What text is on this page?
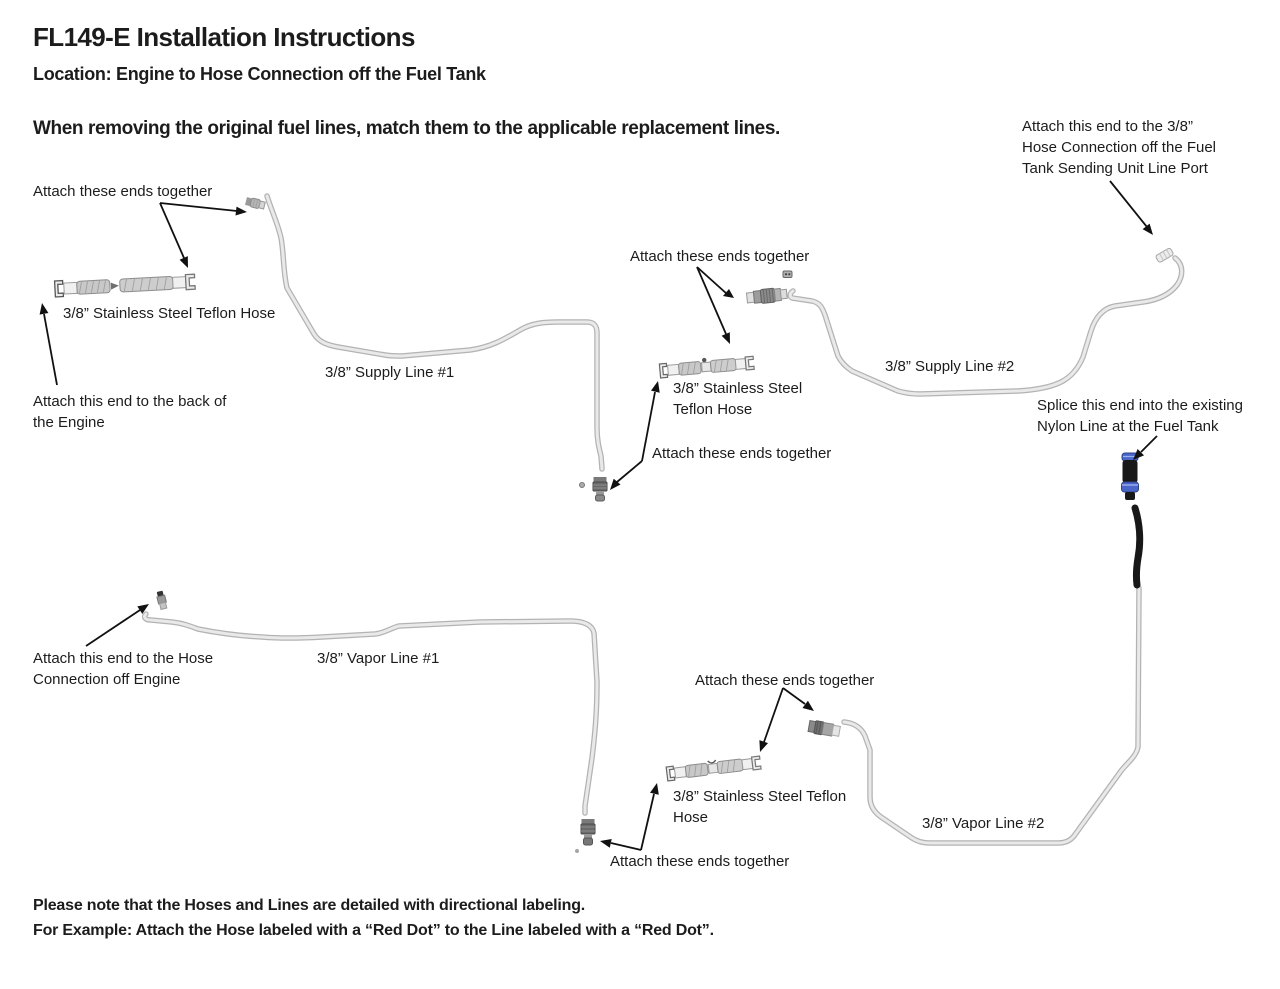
FL149-E Installation Instructions
Location: Engine to Hose Connection off the Fuel Tank
When removing the original fuel lines, match them to the applicable replacement lines.
Attach these ends together
3/8” Stainless Steel Teflon Hose
Attach this end to the back of
the Engine
3/8” Supply Line #1
Attach these ends together
3/8” Stainless Steel
Teflon Hose
Attach these ends together
3/8” Supply Line #2
Attach this end to the 3/8”
Hose Connection off the Fuel
Tank Sending Unit Line Port
Splice this end into the existing
Nylon Line at the Fuel Tank
Attach this end to the Hose
Connection off Engine
3/8” Vapor Line #1
Attach these ends together
3/8” Stainless Steel Teflon
Hose
Attach these ends together
3/8” Vapor Line #2
Please note that the Hoses and Lines are detailed with directional labeling.
For Example: Attach the Hose labeled with a “Red Dot” to the Line labeled with a “Red Dot”.
